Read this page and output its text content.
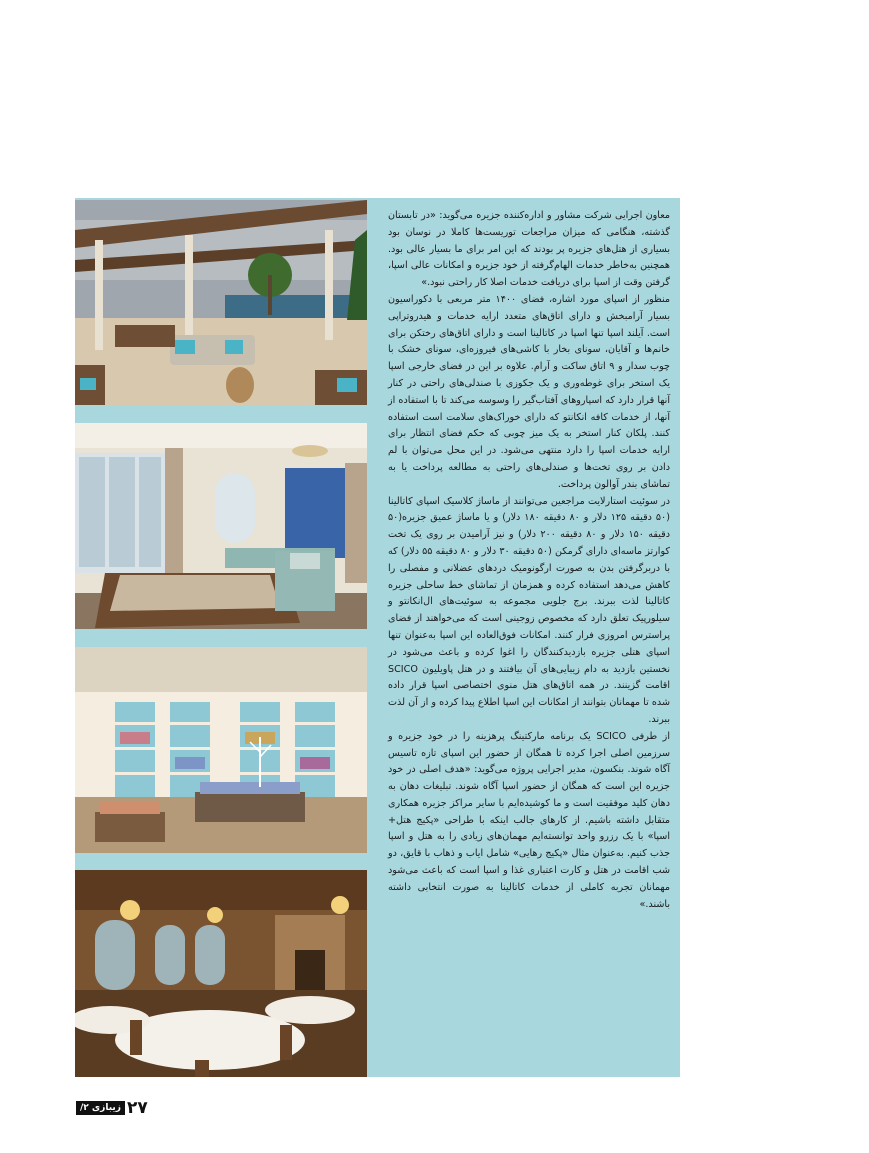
معاون اجرایی شرکت مشاور و اداره‌کننده جزیره می‌گوید: «در تابستان گذشته، هنگامی که میزان مراجعات توریست‌ها کاملا در نوسان بود بسیاری از هتل‌های جزیره پر بودند که این امر برای ما بسیار عالی بود. همچنین به‌خاطر خدمات الهام‌گرفته از خود جزیره و امکانات عالی اسپا، گرفتن وقت از اسپا برای دریافت خدمات اصلا کار راحتی نبود.»
منظور از اسپای مورد اشاره، فضای ۱۴۰۰ متر مربعی با دکوراسیون بسیار آرامبخش و دارای اتاق‌های متعدد ارایه خدمات و هیدروتراپی است. آیلند اسپا تنها اسپا در کاتالینا است و دارای اتاق‌های رختکن برای خانم‌ها و آقایان، سونای بخار با کاشی‌های فیروزه‌ای، سونای خشک با چوب سدار و ۹ اتاق ساکت و آرام. علاوه بر این در فضای خارجی اسپا یک استخر برای غوطه‌وری و یک جکوزی با صندلی‌های راحتی در کنار آنها قرار دارد که اسپاروهای آفتاب‌گیر را وسوسه می‌کند تا با استفاده از آنها، از خدمات کافه انکانتو که دارای خوراک‌های سلامت است استفاده کنند. پلکان کنار استخر به یک میز چوبی که حکم فضای انتظار برای ارایه خدمات اسپا را دارد منتهی می‌شود. در این محل می‌توان با لم دادن بر روی تخت‌ها و صندلی‌های راحتی به مطالعه پرداخت یا به تماشای بندر آوالون پرداخت.
در سوئیت استارلایت مراجعین می‌توانند از ماساژ کلاسیک اسپای کاتالینا (۵۰ دقیقه ۱۲۵ دلار و ۸۰ دقیقه ۱۸۰ دلار) و یا ماساژ عمیق جزیره(۵۰ دقیقه ۱۵۰ دلار و ۸۰ دقیقه ۲۰۰ دلار) و نیز آرامیدن بر روی یک تخت کوارتز ماسه‌ای دارای گرمکن (۵۰ دقیقه ۳۰ دلار و ۸۰ دقیقه ۵۵ دلار) که با دربرگرفتن بدن به صورت ارگونومیک دردهای عضلانی و مفصلی را کاهش می‌دهد استفاده کرده و همزمان از تماشای خط ساحلی جزیره کاتالینا لذت ببرند. برج جلویی مجموعه به سوئیت‌های ال‌انکانتو و سیلورپیک تعلق دارد که مخصوص زوجینی است که می‌خواهند از فضای پراسترس امروزی فرار کنند. امکانات فوق‌العاده این اسپا به‌عنوان تنها اسپای هتلی جزیره بازدیدکنندگان را اغوا کرده و باعث می‌شود در نخستین بازدید به دام زیبایی‌های آن بیافتند و در هتل پاویلیون SCICO اقامت گزینند. در همه اتاق‌های هتل منوی اختصاصی اسپا قرار داده شده تا مهمانان بتوانند از امکانات این اسپا اطلاع پیدا کرده و از آن لذت ببرند.
از طرفی SCICO یک برنامه مارکتینگ پرهزینه را در خود جزیره و سرزمین اصلی اجرا کرده تا همگان از حضور این اسپای تازه تاسیس آگاه شوند. بنکسون، مدیر اجرایی پروژه می‌گوید: «هدف اصلی در خود جزیره این است که همگان از حضور اسپا آگاه شوند. تبلیغات دهان به دهان کلید موفقیت است و ما کوشیده‌ایم با سایر مراکز جزیره همکاری متقابل داشته باشیم. از کارهای جالب اینکه با طراحی «پکیج هتل+ اسپا» با یک رزرو واحد توانسته‌ایم مهمان‌های زیادی را به هتل و اسپا جذب کنیم. به‌عنوان مثال «پکیج رهایی» شامل ایاب و ذهاب با قایق، دو شب اقامت در هتل و کارت اعتباری غذا و اسپا است که باعث می‌شود مهمانان تجربه کاملی از خدمات کاتالینا به صورت انتخابی داشته باشند.»

۲۷
زیبازی ۲/
